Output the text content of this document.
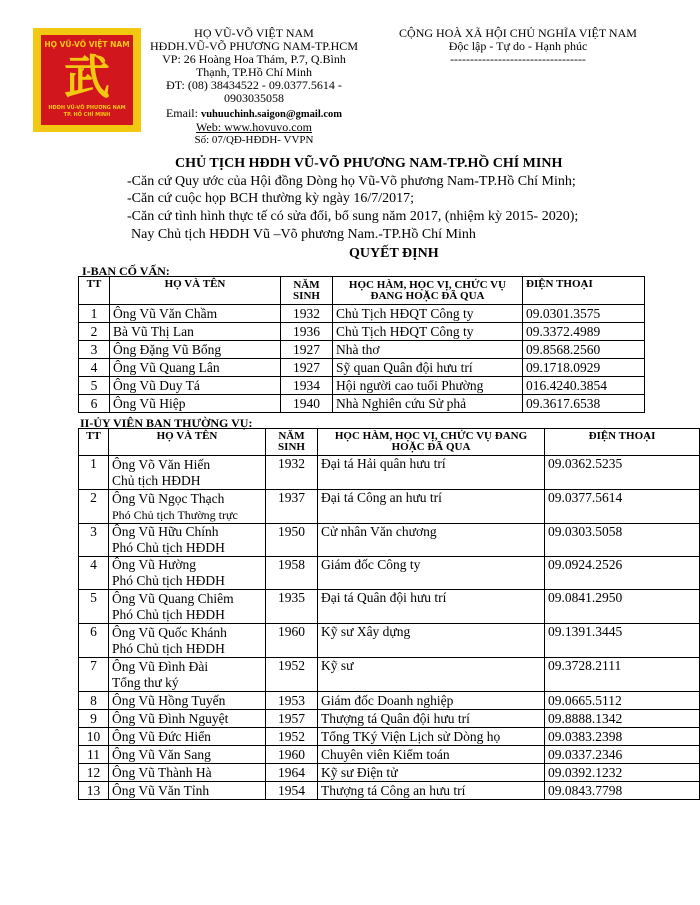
HỌ VŨ-VÕ VIỆT NAM
武
HĐDH VŨ-VÕ PHƯƠNG NAM
TP. HỒ CHÍ MINH
HỌ VŨ-VÕ VIỆT NAM
HĐDH.VŨ-VÕ PHƯƠNG NAM-TP.HCM
VP: 26 Hoàng Hoa Thám, P.7, Q.Bình
Thạnh, TP.Hồ Chí Minh
ĐT: (08) 38434522 - 09.0377.5614 -
0903035058
Email: vuhuuchinh.saigon@gmail.com
Web: www.hovuvo.com
Số: 07/QĐ-HĐDH- VVPN
CỘNG HOÀ XÃ HỘI CHỦ NGHĨA VIỆT NAM
Độc lập - Tự do - Hạnh phúc
----------------------------------
CHỦ TỊCH HĐDH VŨ-VÕ PHƯƠNG NAM-TP.HỒ CHÍ MINH
-Căn cứ Quy ước của Hội đồng Dòng họ Vũ-Võ phương Nam-TP.Hồ Chí Minh;
-Căn cứ cuộc họp BCH thường kỳ ngày 16/7/2017;
-Căn cứ tình hình thực tế có sửa đổi, bổ sung năm 2017, (nhiệm kỳ 2015- 2020);
Nay Chủ tịch HĐDH Vũ –Võ phương Nam.-TP.Hồ Chí Minh
QUYẾT ĐỊNH
I-BAN CỐ VẤN:
TT	HỌ VÀ TÊN	NĂM SINH	HỌC HÀM, HỌC VỊ, CHỨC VỤ ĐANG HOẶC ĐÃ QUA	ĐIỆN THOẠI
1	Ông Vũ Văn Chầm	1932	Chủ Tịch HĐQT Công ty	09.0301.3575
2	Bà Vũ Thị Lan	1936	Chủ Tịch HĐQT Công ty	09.3372.4989
3	Ông Đặng Vũ Bổng	1927	Nhà thơ	09.8568.2560
4	Ông Vũ Quang Lân	1927	Sỹ quan Quân đội hưu trí	09.1718.0929
5	Ông Vũ Duy Tá	1934	Hội người cao tuổi Phường	016.4240.3854
6	Ông Vũ Hiệp	1940	Nhà Nghiên cứu Sử phả	09.3617.6538
II-ỦY VIÊN BAN THƯỜNG VỤ:
TT	HỌ VÀ TÊN	NĂM SINH	HỌC HÀM, HỌC VỊ, CHỨC VỤ ĐANG HOẶC ĐÃ QUA	ĐIỆN THOẠI
1	Ông Võ Văn Hiến
Chủ tịch HĐDH	1932	Đại tá Hải quân hưu trí	09.0362.5235
2	Ông Vũ Ngọc Thạch
Phó Chủ tịch Thường trực	1937	Đại tá Công an hưu trí	09.0377.5614
3	Ông Vũ Hữu Chính
Phó Chủ tịch HĐDH	1950	Cử nhân Văn chương	09.0303.5058
4	Ông Vũ Hường
Phó Chủ tịch HĐDH	1958	Giám đốc Công ty	09.0924.2526
5	Ông Vũ Quang Chiêm
Phó Chủ tịch HĐDH	1935	Đại tá Quân đội hưu trí	09.0841.2950
6	Ông Vũ Quốc Khánh
Phó Chủ tịch HĐDH	1960	Kỹ sư Xây dựng	09.1391.3445
7	Ông Vũ Đình Đài
Tổng thư ký	1952	Kỹ sư	09.3728.2111
8	Ông Vũ Hồng Tuyến	1953	Giám đốc Doanh nghiệp	09.0665.5112
9	Ông Vũ Đình Nguyệt	1957	Thượng tá Quân đội hưu trí	09.8888.1342
10	Ông Vũ Đức Hiển	1952	Tổng TKý Viện Lịch sử Dòng họ	09.0383.2398
11	Ông Vũ Văn Sang	1960	Chuyên viên Kiểm toán	09.0337.2346
12	Ông Vũ Thành Hà	1964	Kỹ sư Điện tử	09.0392.1232
13	Ông Vũ Văn Tỉnh	1954	Thượng tá Công an hưu trí	09.0843.7798
